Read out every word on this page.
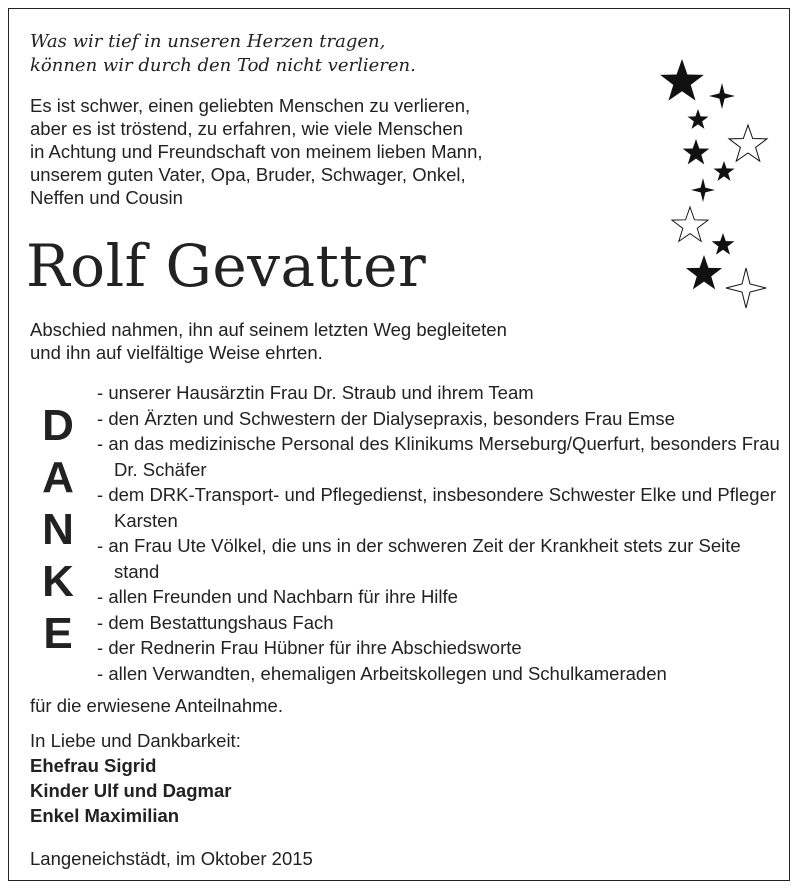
Was wir tief in unseren Herzen tragen,
können wir durch den Tod nicht verlieren.
Es ist schwer, einen geliebten Menschen zu verlieren,
aber es ist tröstend, zu erfahren, wie viele Menschen
in Achtung und Freundschaft von meinem lieben Mann,
unserem guten Vater, Opa, Bruder, Schwager, Onkel,
Neffen und Cousin
Rolf Gevatter
Abschied nahmen, ihn auf seinem letzten Weg begleiteten
und ihn auf vielfältige Weise ehrten.
D
A
N
K
E
- unserer Hausärztin Frau Dr. Straub und ihrem Team
- den Ärzten und Schwestern der Dialysepraxis, besonders Frau Emse
- an das medizinische Personal des Klinikums Merseburg/Querfurt, besonders Frau Dr. Schäfer
- dem DRK-Transport- und Pflegedienst, insbesondere Schwester Elke und Pfleger Karsten
- an Frau Ute Völkel, die uns in der schweren Zeit der Krankheit stets zur Seite stand
- allen Freunden und Nachbarn für ihre Hilfe
- dem Bestattungshaus Fach
- der Rednerin Frau Hübner für ihre Abschiedsworte
- allen Verwandten, ehemaligen Arbeitskollegen und Schulkameraden
für die erwiesene Anteilnahme.
In Liebe und Dankbarkeit:
Ehefrau Sigrid
Kinder Ulf und Dagmar
Enkel Maximilian
Langeneichstädt, im Oktober 2015
